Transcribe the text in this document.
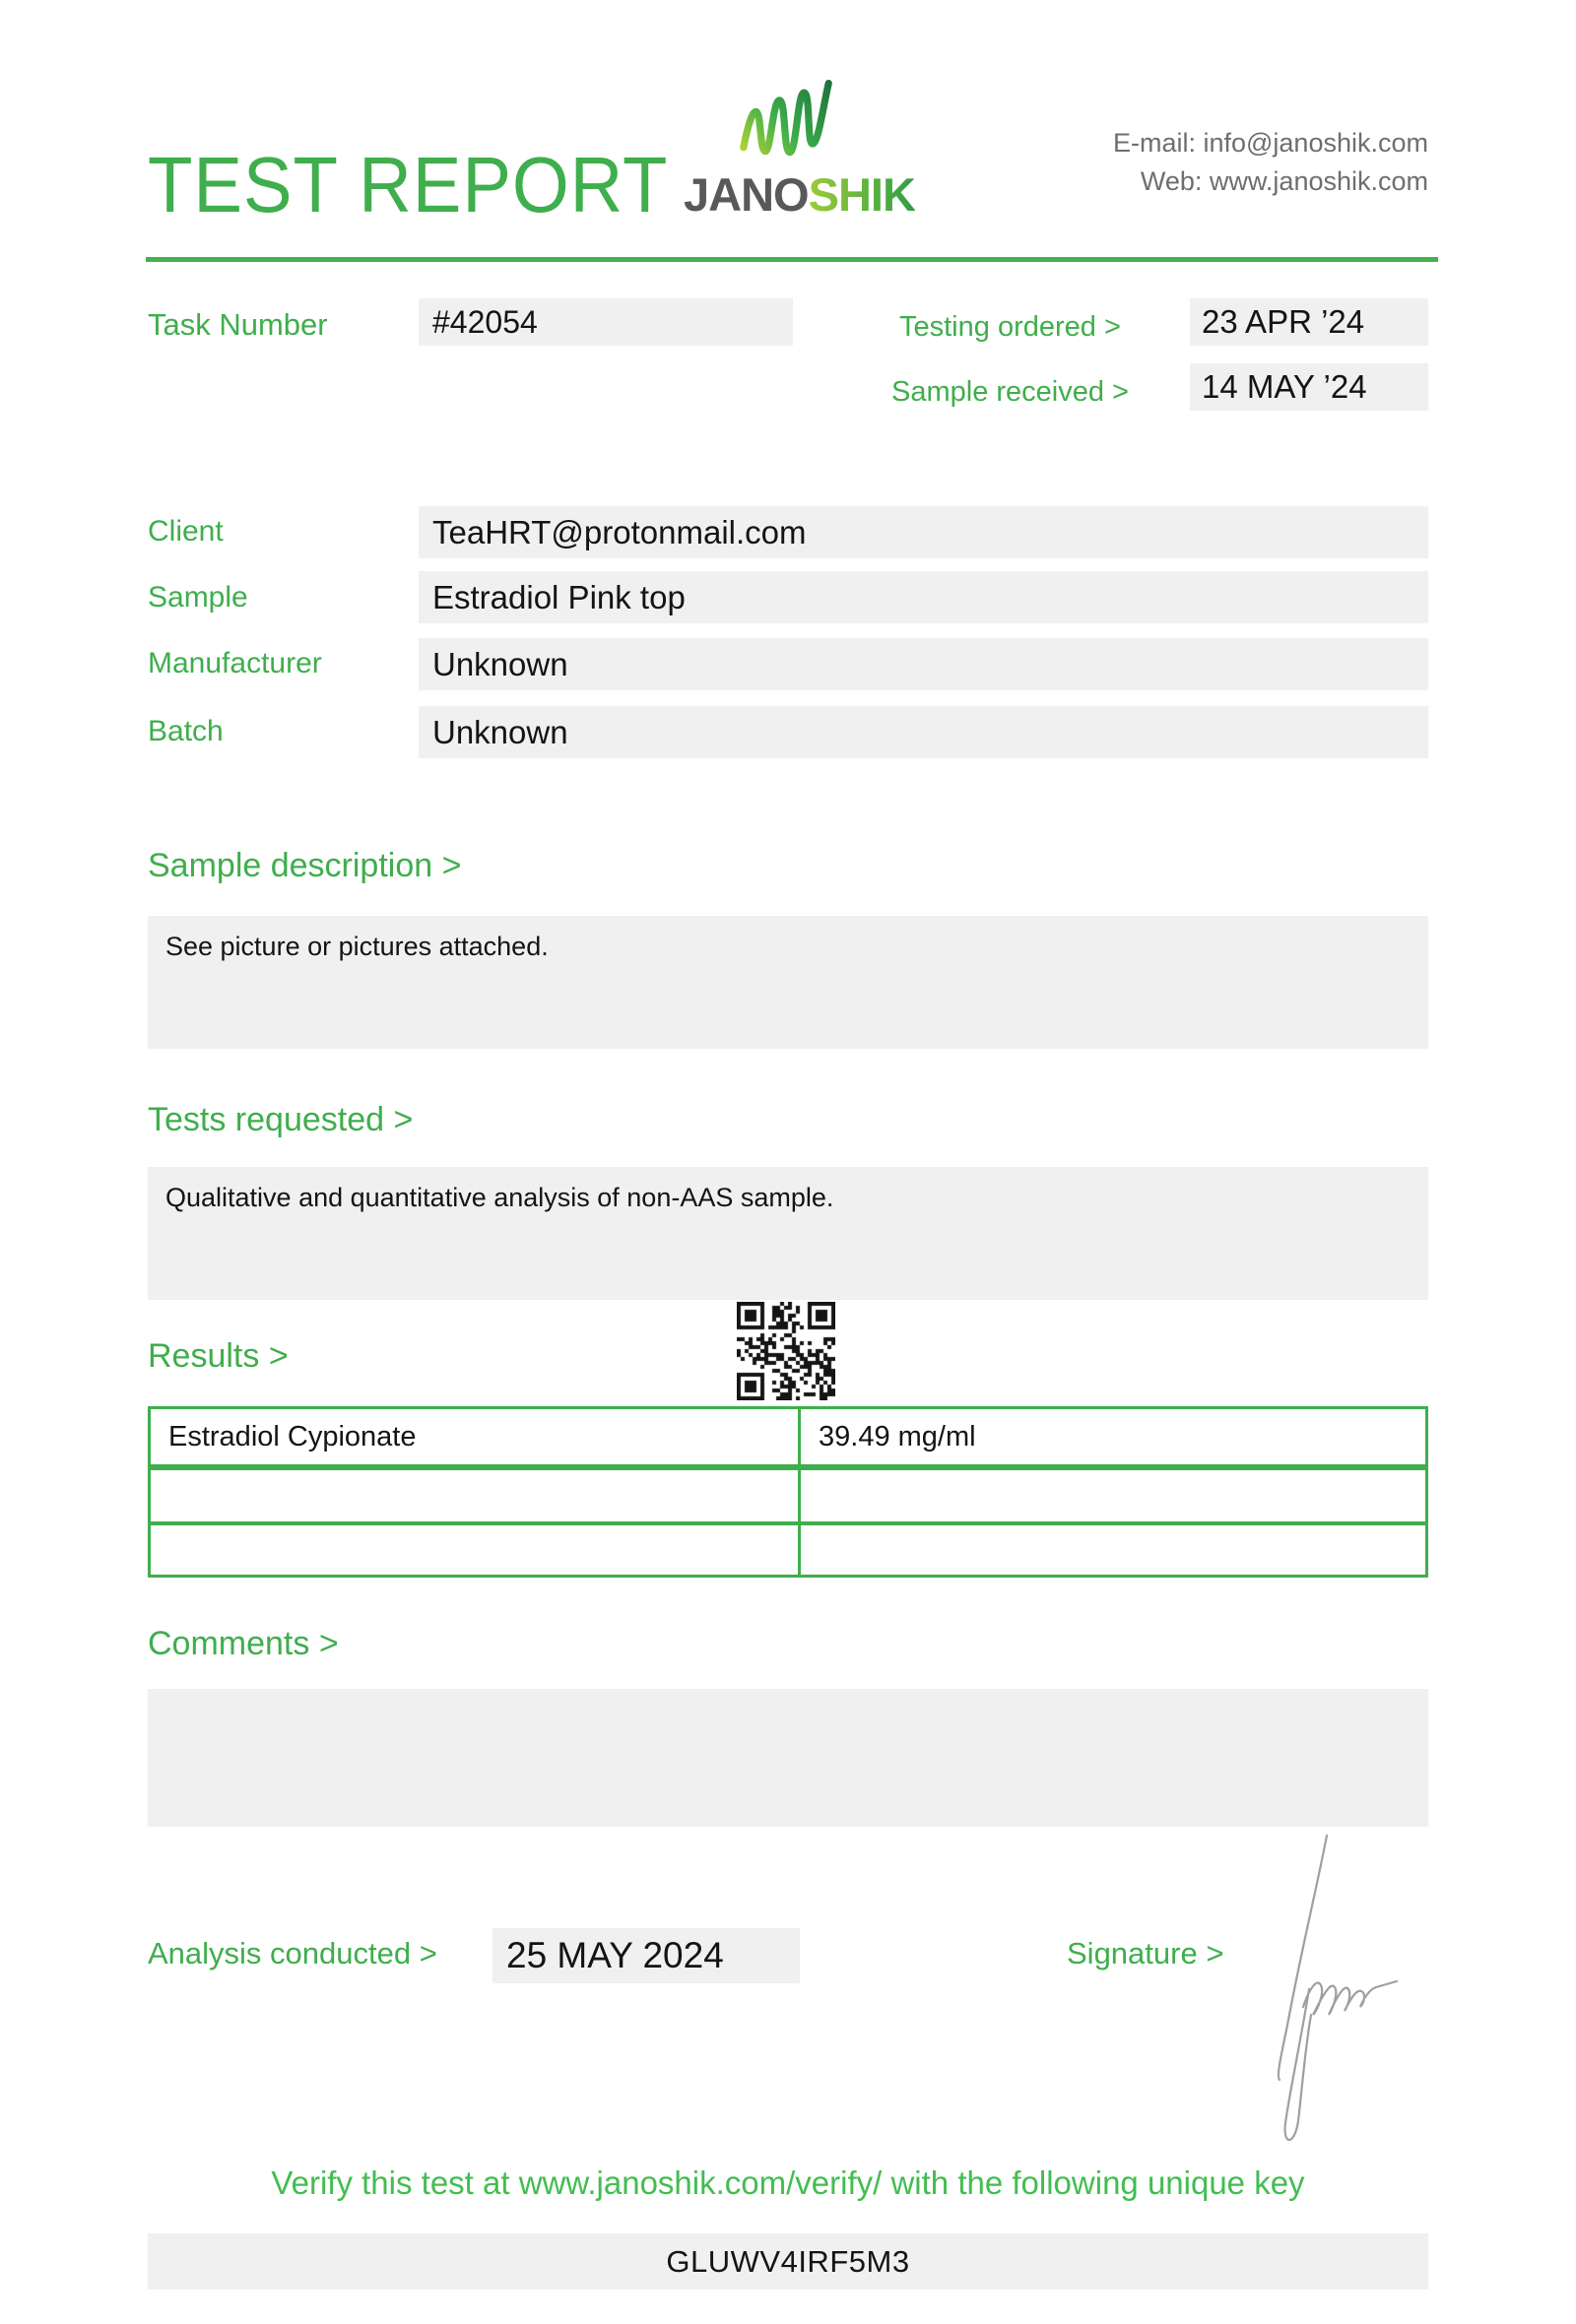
TEST REPORT JANOSHIK
E-mail: info@janoshik.com
Web: www.janoshik.com
Task Number	#42054	Testing ordered >	23 APR ’24
Sample received >	14 MAY ’24
Client	TeaHRT@protonmail.com
Sample	Estradiol Pink top
Manufacturer	Unknown
Batch	Unknown
Sample description >
See picture or pictures attached.
Tests requested >
Qualitative and quantitative analysis of non-AAS sample.
Results >
Estradiol Cypionate	39.49 mg/ml
Comments >
Analysis conducted >	25 MAY 2024	Signature >
Verify this test at www.janoshik.com/verify/ with the following unique key
GLUWV4IRF5M3
